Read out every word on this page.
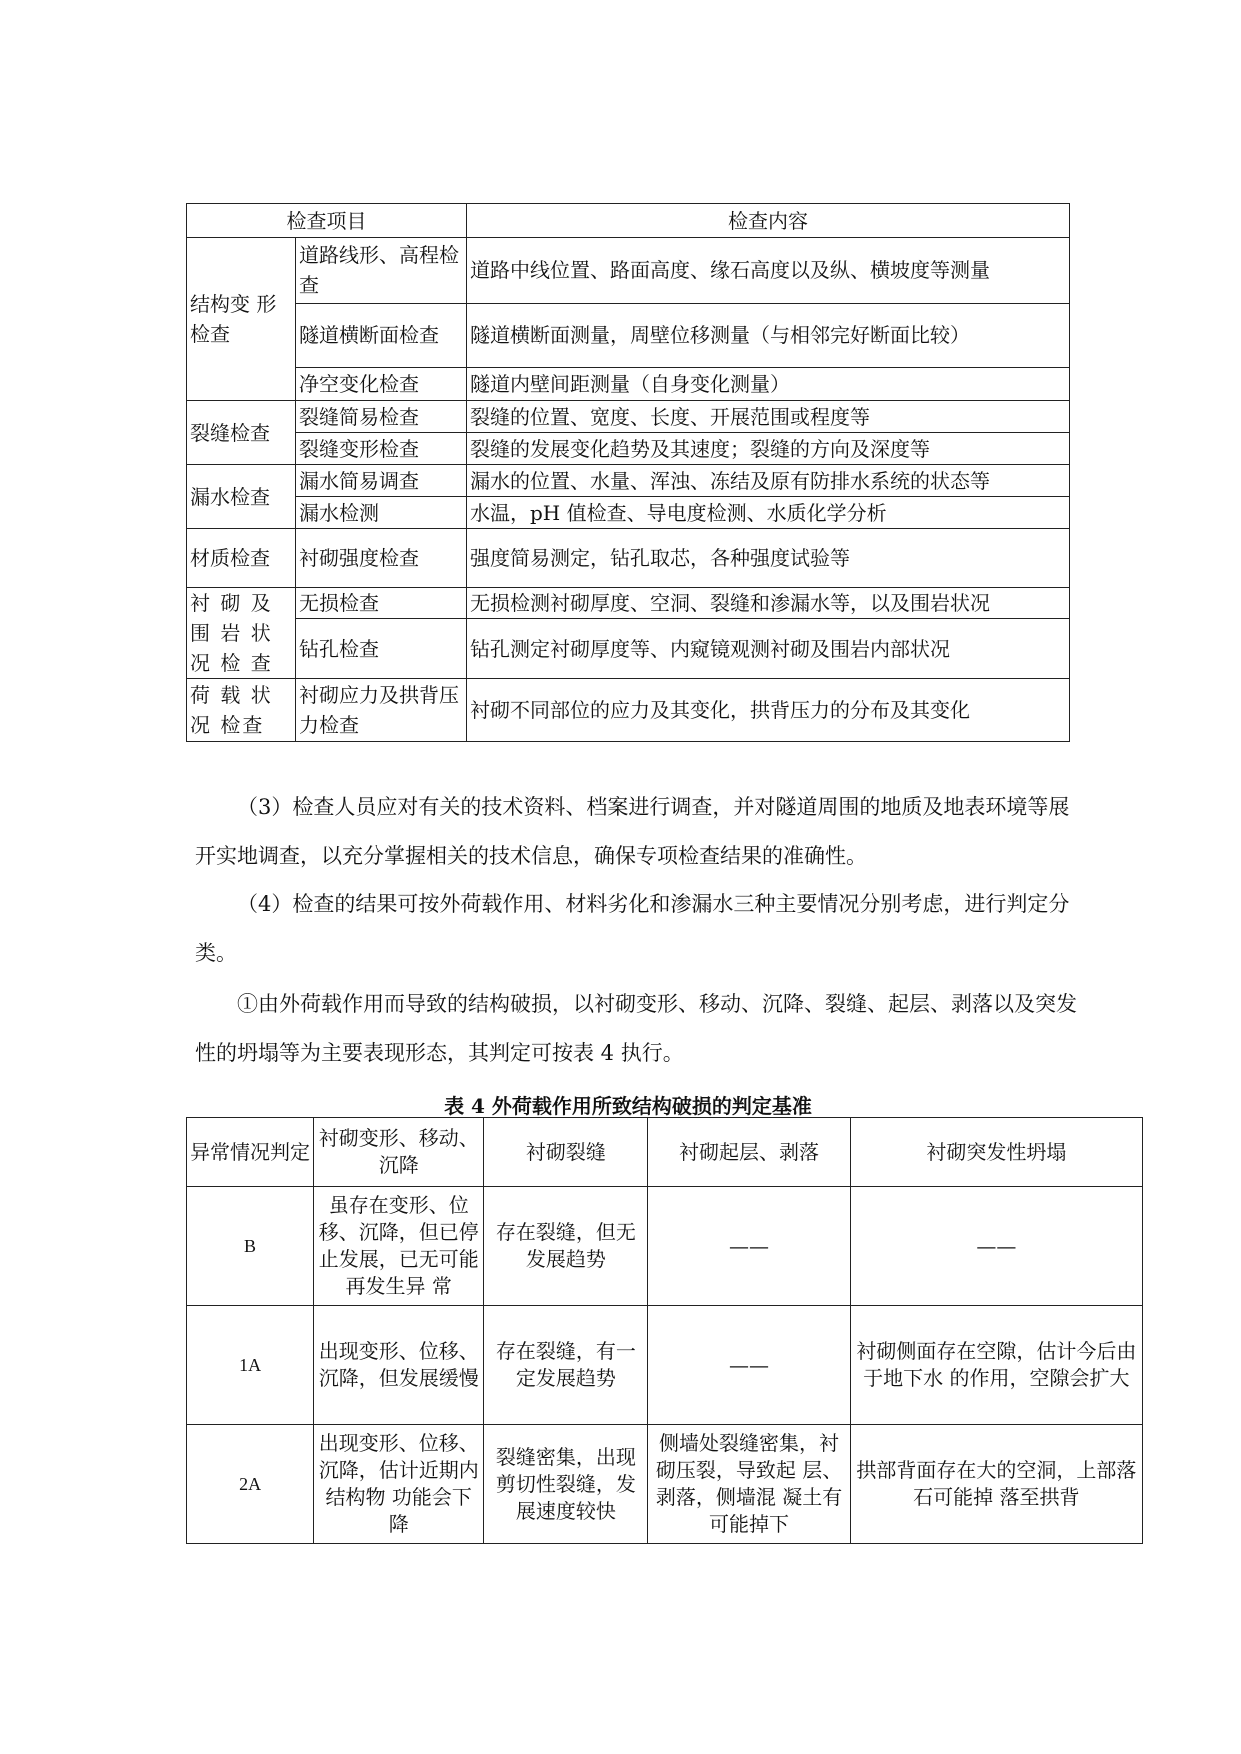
检查项目		检查内容
结构变 形检查	道路线形、高程检查	道路中线位置、路面高度、缘石高度以及纵、横坡度等测量
	隧道横断面检查	隧道横断面测量，周壁位移测量（与相邻完好断面比较）
	净空变化检查	隧道内壁间距测量（自身变化测量）
裂缝检查	裂缝简易检查	裂缝的位置、宽度、长度、开展范围或程度等
	裂缝变形检查	裂缝的发展变化趋势及其速度；裂缝的方向及深度等
漏水检查	漏水简易调查	漏水的位置、水量、浑浊、冻结及原有防排水系统的状态等
	漏水检测	水温，pH 值检查、导电度检测、水质化学分析
材质检查	衬砌强度检查	强度简易测定，钻孔取芯，各种强度试验等
衬 砌 及 围 岩 状 况 检 查	无损检查	无损检测衬砌厚度、空洞、裂缝和渗漏水等，以及围岩状况
	钻孔检查	钻孔测定衬砌厚度等、内窥镜观测衬砌及围岩内部状况
荷 载 状 况 检查	衬砌应力及拱背压力检查	衬砌不同部位的应力及其变化，拱背压力的分布及其变化

（3）检查人员应对有关的技术资料、档案进行调查，并对隧道周围的地质及地表环境等展开实地调查，以充分掌握相关的技术信息，确保专项检查结果的准确性。

（4）检查的结果可按外荷载作用、材料劣化和渗漏水三种主要情况分别考虑，进行判定分类。

①由外荷载作用而导致的结构破损，以衬砌变形、移动、沉降、裂缝、起层、剥落以及突发性的坍塌等为主要表现形态，其判定可按表 4 执行。

表 4 外荷载作用所致结构破损的判定基准
异常情况判定	衬砌变形、移动、沉降	衬砌裂缝	衬砌起层、剥落	衬砌突发性坍塌
B	虽存在变形、位移、沉降，但已停止发展，已无可能再发生异 常	存在裂缝，但无发展趋势	——	——
1A	出现变形、位移、沉降，但发展缓慢	存在裂缝，有一定发展趋势	——	衬砌侧面存在空隙，估计今后由于地下水 的作用，空隙会扩大
2A	出现变形、位移、沉降，估计近期内结构物 功能会下降	裂缝密集，出现剪切性裂缝，发展速度较快	侧墙处裂缝密集，衬砌压裂，导致起 层、剥落，侧墙混 凝土有可能掉下	拱部背面存在大的空洞，上部落石可能掉 落至拱背
